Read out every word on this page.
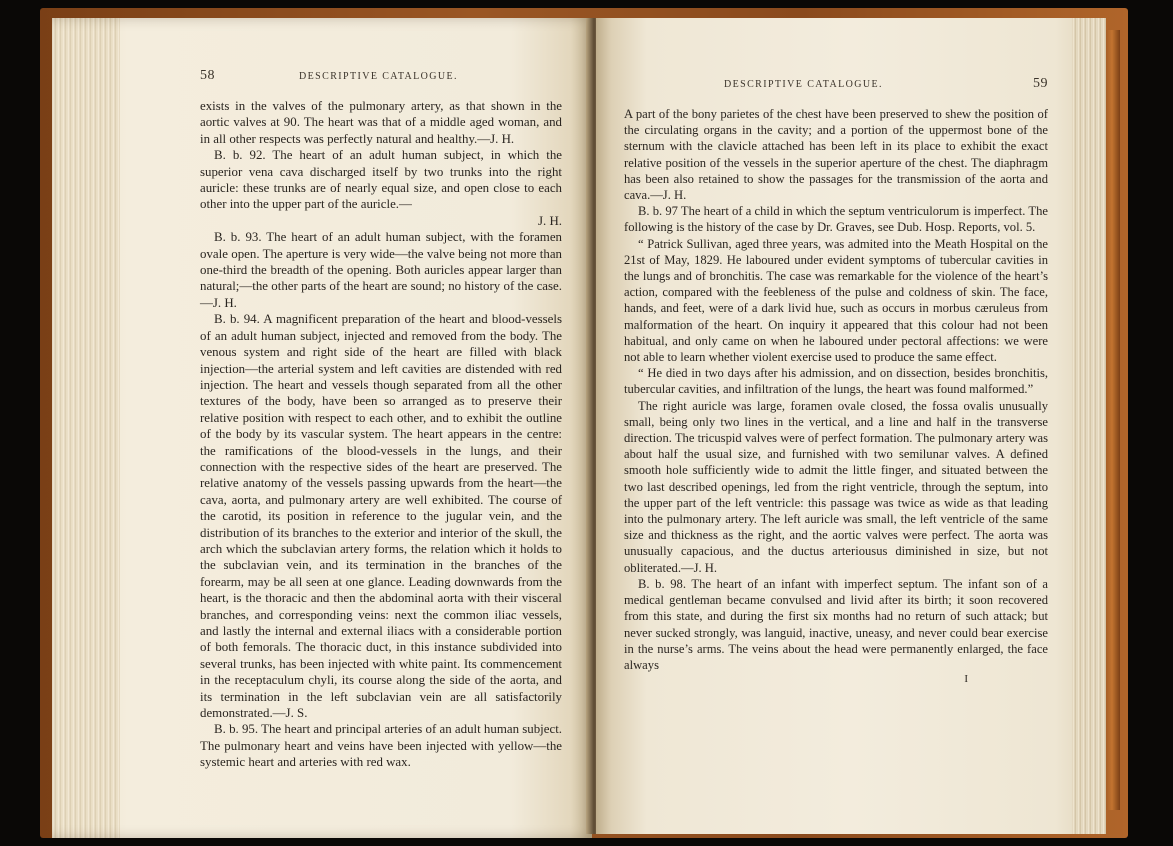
58	DESCRIPTIVE CATALOGUE.

exists in the valves of the pulmonary artery, as that shown in the aortic valves at 90. The heart was that of a middle aged woman, and in all other respects was perfectly natural and healthy.—J. H.

B. b. 92. The heart of an adult human subject, in which the superior vena cava discharged itself by two trunks into the right auricle: these trunks are of nearly equal size, and open close to each other into the upper part of the auricle.—

J. H.

B. b. 93. The heart of an adult human subject, with the foramen ovale open. The aperture is very wide—the valve being not more than one-third the breadth of the opening. Both auricles appear larger than natural;—the other parts of the heart are sound; no history of the case.—J. H.

B. b. 94. A magnificent preparation of the heart and blood-vessels of an adult human subject, injected and removed from the body. The venous system and right side of the heart are filled with black injection—the arterial system and left cavities are distended with red injection. The heart and vessels though separated from all the other textures of the body, have been so arranged as to preserve their relative position with respect to each other, and to exhibit the outline of the body by its vascular system. The heart appears in the centre: the ramifications of the blood-vessels in the lungs, and their connection with the respective sides of the heart are preserved. The relative anatomy of the vessels passing upwards from the heart—the cava, aorta, and pulmonary artery are well exhibited. The course of the carotid, its position in reference to the jugular vein, and the distribution of its branches to the exterior and interior of the skull, the arch which the subclavian artery forms, the relation which it holds to the subclavian vein, and its termination in the branches of the forearm, may be all seen at one glance. Leading downwards from the heart, is the thoracic and then the abdominal aorta with their visceral branches, and corresponding veins: next the common iliac vessels, and lastly the internal and external iliacs with a considerable portion of both femorals. The thoracic duct, in this instance subdivided into several trunks, has been injected with white paint. Its commencement in the receptaculum chyli, its course along the side of the aorta, and its termination in the left subclavian vein are all satisfactorily demonstrated.—J. S.

B. b. 95. The heart and principal arteries of an adult human subject. The pulmonary heart and veins have been injected with yellow—the systemic heart and arteries with red wax.

DESCRIPTIVE CATALOGUE.	59

A part of the bony parietes of the chest have been preserved to shew the position of the circulating organs in the cavity; and a portion of the uppermost bone of the sternum with the clavicle attached has been left in its place to exhibit the exact relative position of the vessels in the superior aperture of the chest. The diaphragm has been also retained to show the passages for the transmission of the aorta and cava.—J. H.

B. b. 97 The heart of a child in which the septum ventriculorum is imperfect. The following is the history of the case by Dr. Graves, see Dub. Hosp. Reports, vol. 5.

“ Patrick Sullivan, aged three years, was admited into the Meath Hospital on the 21st of May, 1829. He laboured under evident symptoms of tubercular cavities in the lungs and of bronchitis. The case was remarkable for the violence of the heart’s action, compared with the feebleness of the pulse and coldness of skin. The face, hands, and feet, were of a dark livid hue, such as occurs in morbus cæruleus from malformation of the heart. On inquiry it appeared that this colour had not been habitual, and only came on when he laboured under pectoral affections: we were not able to learn whether violent exercise used to produce the same effect.

“ He died in two days after his admission, and on dissection, besides bronchitis, tubercular cavities, and infiltration of the lungs, the heart was found malformed.”

The right auricle was large, foramen ovale closed, the fossa ovalis unusually small, being only two lines in the vertical, and a line and half in the transverse direction. The tricuspid valves were of perfect formation. The pulmonary artery was about half the usual size, and furnished with two semilunar valves. A defined smooth hole sufficiently wide to admit the little finger, and situated between the two last described openings, led from the right ventricle, through the septum, into the upper part of the left ventricle: this passage was twice as wide as that leading into the pulmonary artery. The left auricle was small, the left ventricle of the same size and thickness as the right, and the aortic valves were perfect. The aorta was unusually capacious, and the ductus arteriousus diminished in size, but not obliterated.—J. H.

B. b. 98. The heart of an infant with imperfect septum. The infant son of a medical gentleman became convulsed and livid after its birth; it soon recovered from this state, and during the first six months had no return of such attack; but never sucked strongly, was languid, inactive, uneasy, and never could bear exercise in the nurse’s arms. The veins about the head were permanently enlarged, the face always

I
